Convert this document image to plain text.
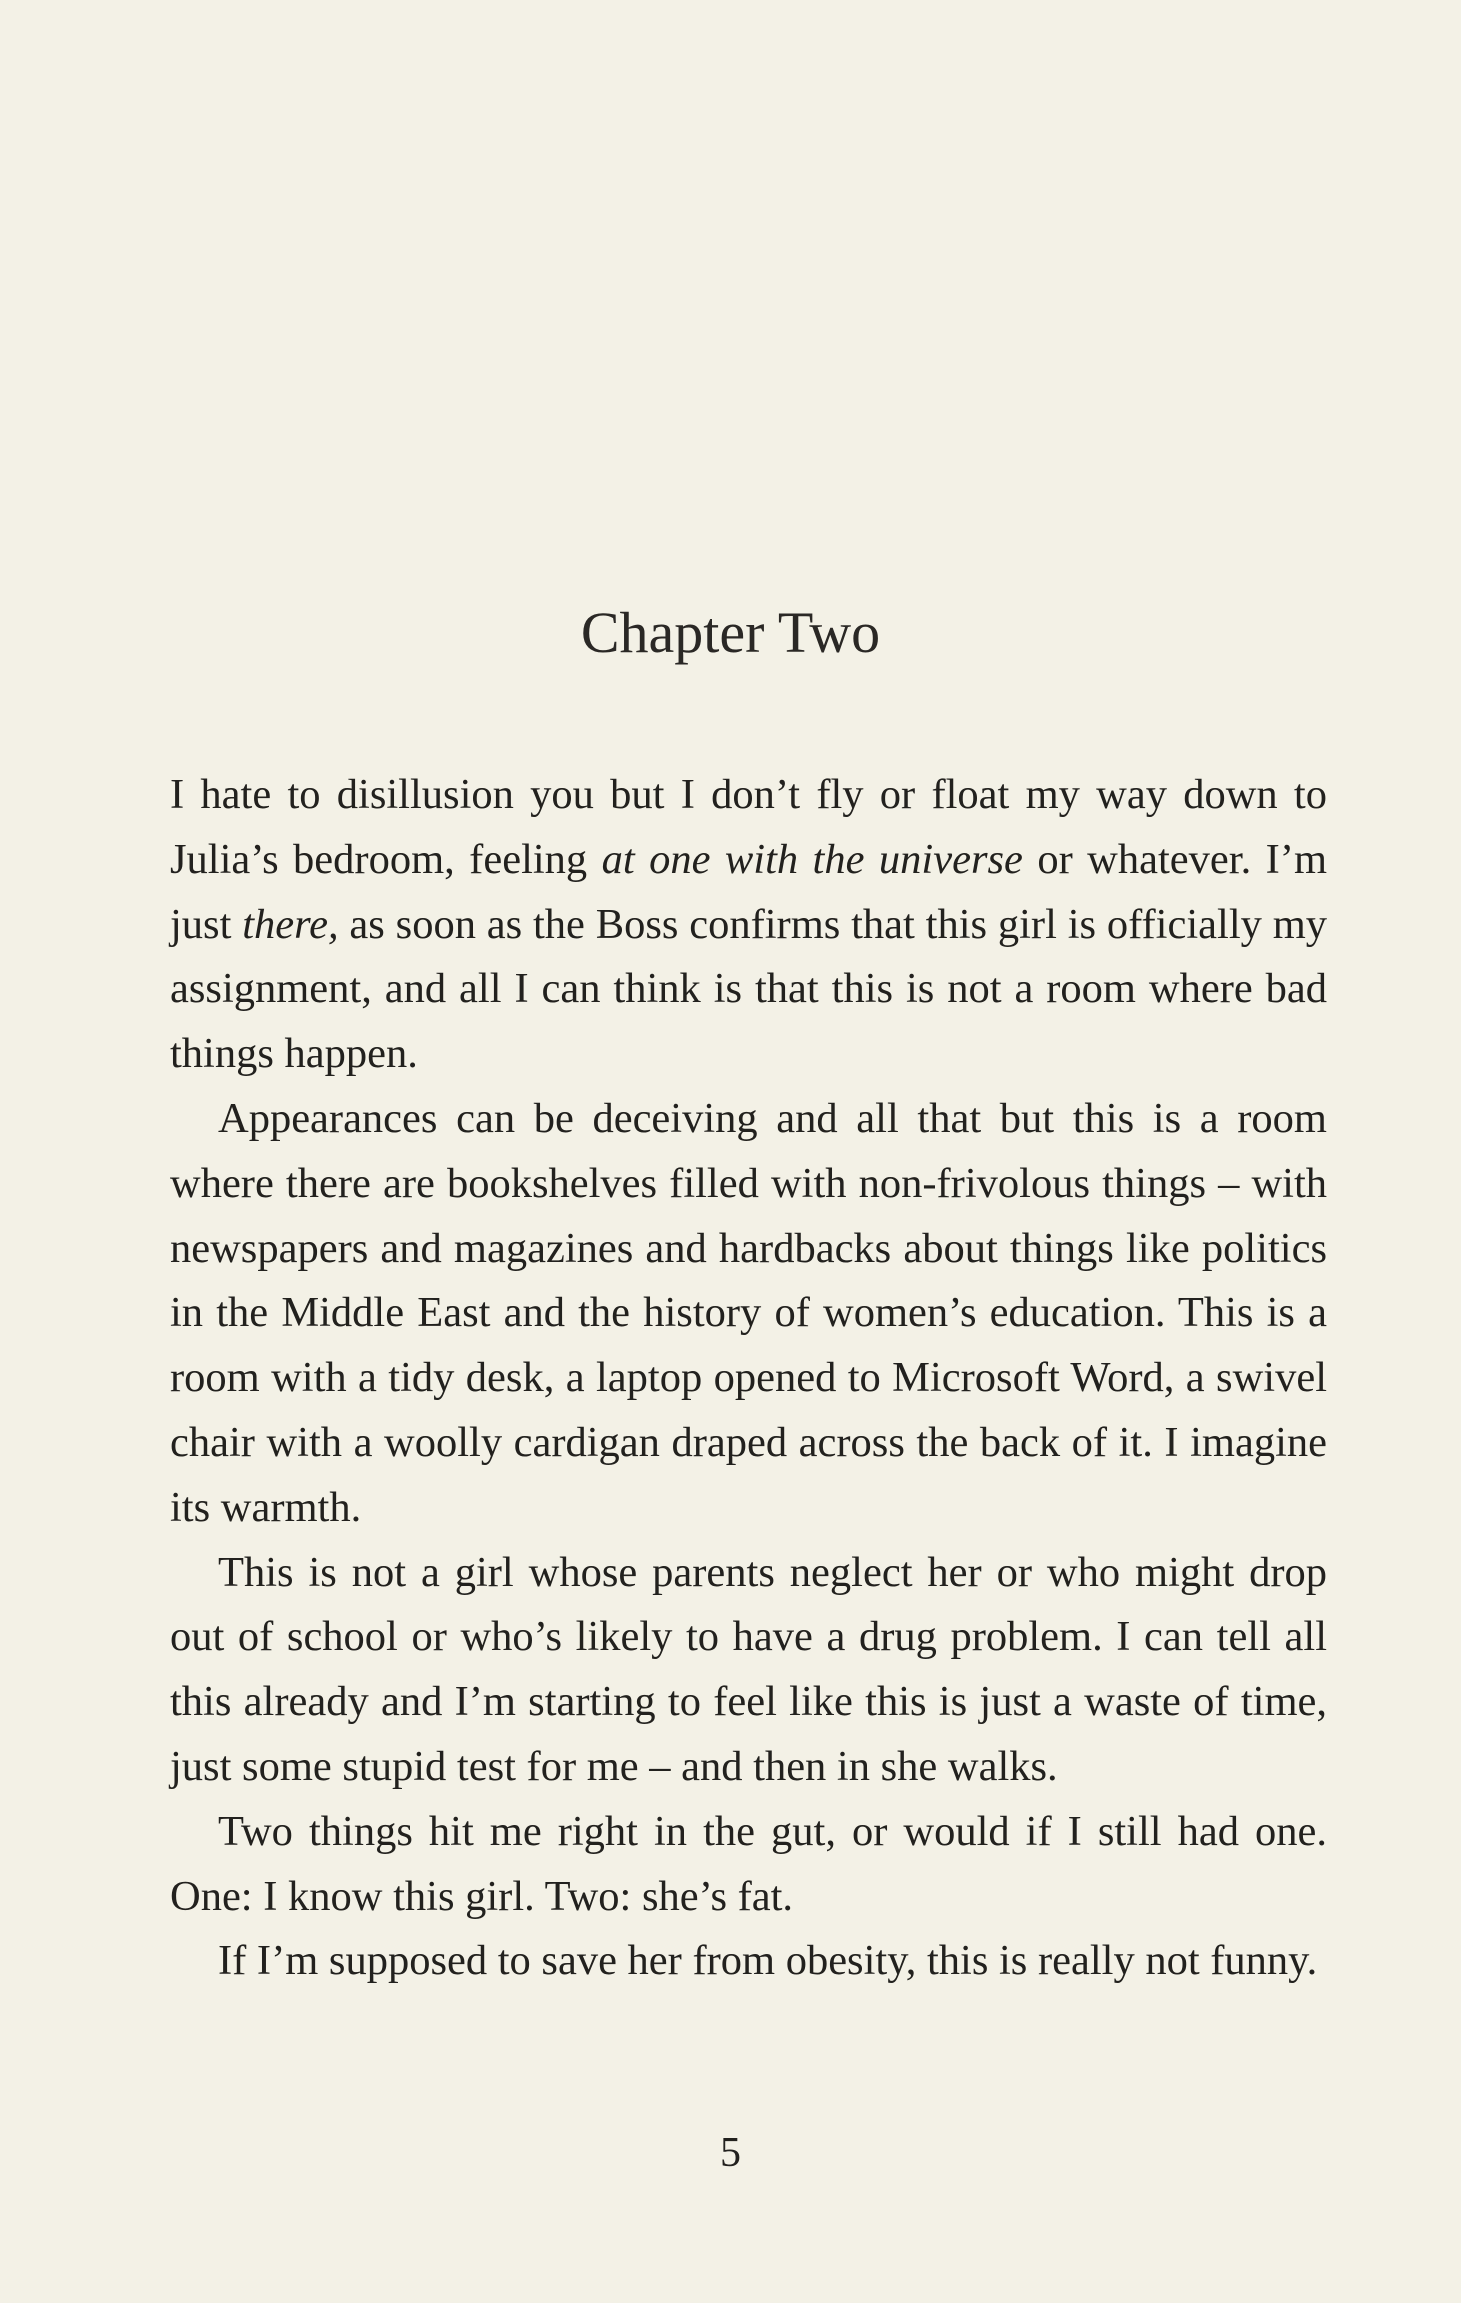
Chapter Two

I hate to disillusion you but I don’t fly or float my way down to Julia’s bedroom, feeling at one with the universe or whatever. I’m just there, as soon as the Boss confirms that this girl is officially my assignment, and all I can think is that this is not a room where bad things happen.

Appearances can be deceiving and all that but this is a room where there are bookshelves filled with non-frivolous things – with newspapers and magazines and hardbacks about things like politics in the Middle East and the history of women’s education. This is a room with a tidy desk, a laptop opened to Microsoft Word, a swivel chair with a woolly cardigan draped across the back of it. I imagine its warmth.

This is not a girl whose parents neglect her or who might drop out of school or who’s likely to have a drug problem. I can tell all this already and I’m starting to feel like this is just a waste of time, just some stupid test for me – and then in she walks.

Two things hit me right in the gut, or would if I still had one. One: I know this girl. Two: she’s fat.

If I’m supposed to save her from obesity, this is really not funny.

5
